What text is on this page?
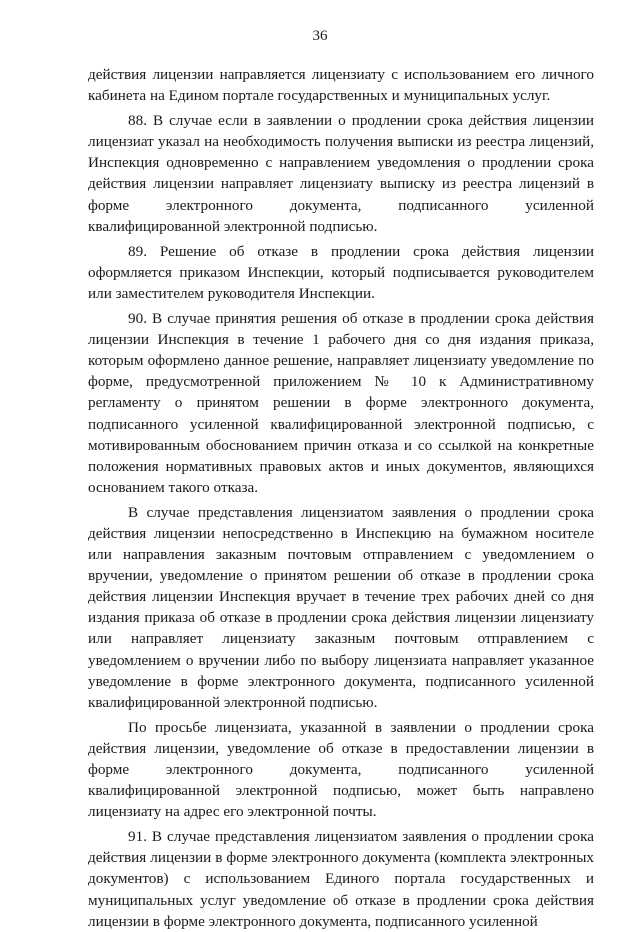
36

действия лицензии направляется лицензиату с использованием его личного кабинета на Едином портале государственных и муниципальных услуг.

88. В случае если в заявлении о продлении срока действия лицензии лицензиат указал на необходимость получения выписки из реестра лицензий, Инспекция одновременно с направлением уведомления о продлении срока действия лицензии направляет лицензиату выписку из реестра лицензий в форме электронного документа, подписанного усиленной квалифицированной электронной подписью.

89. Решение об отказе в продлении срока действия лицензии оформляется приказом Инспекции, который подписывается руководителем или заместителем руководителя Инспекции.

90. В случае принятия решения об отказе в продлении срока действия лицензии Инспекция в течение 1 рабочего дня со дня издания приказа, которым оформлено данное решение, направляет лицензиату уведомление по форме, предусмотренной приложением № 10 к Административному регламенту о принятом решении в форме электронного документа, подписанного усиленной квалифицированной электронной подписью, с мотивированным обоснованием причин отказа и со ссылкой на конкретные положения нормативных правовых актов и иных документов, являющихся основанием такого отказа.

В случае представления лицензиатом заявления о продлении срока действия лицензии непосредственно в Инспекцию на бумажном носителе или направления заказным почтовым отправлением с уведомлением о вручении, уведомление о принятом решении об отказе в продлении срока действия лицензии Инспекция вручает в течение трех рабочих дней со дня издания приказа об отказе в продлении срока действия лицензии лицензиату или направляет лицензиату заказным почтовым отправлением с уведомлением о вручении либо по выбору лицензиата направляет указанное уведомление в форме электронного документа, подписанного усиленной квалифицированной электронной подписью.

По просьбе лицензиата, указанной в заявлении о продлении срока действия лицензии, уведомление об отказе в предоставлении лицензии в форме электронного документа, подписанного усиленной квалифицированной электронной подписью, может быть направлено лицензиату на адрес его электронной почты.

91. В случае представления лицензиатом заявления о продлении срока действия лицензии в форме электронного документа (комплекта электронных документов) с использованием Единого портала государственных и муниципальных услуг уведомление об отказе в продлении срока действия лицензии в форме электронного документа, подписанного усиленной
